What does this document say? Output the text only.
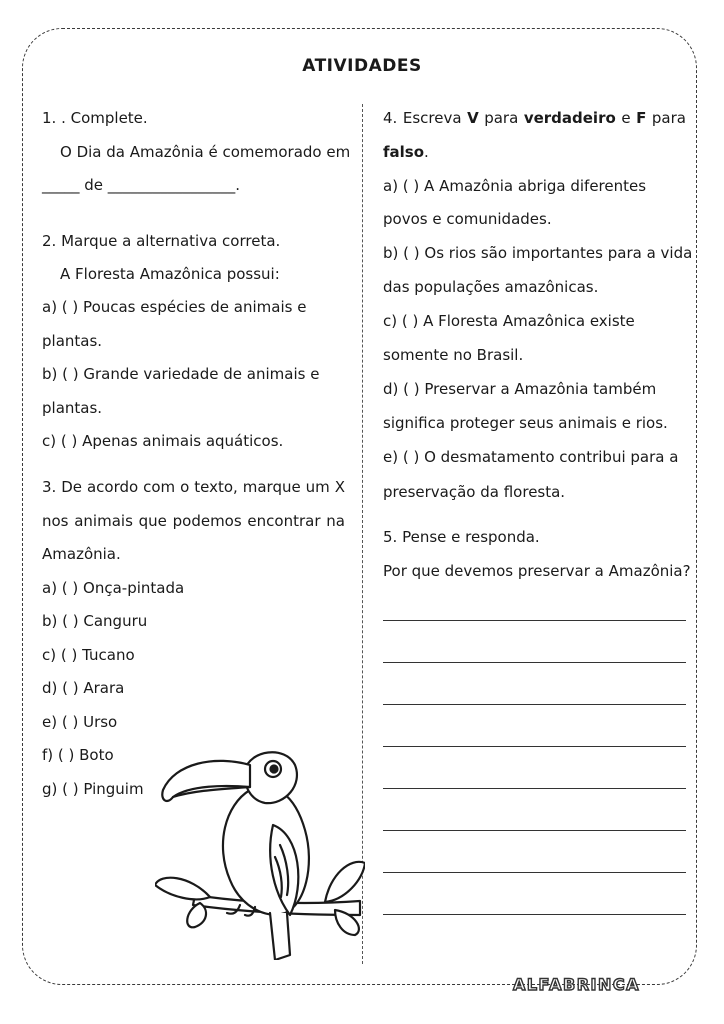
ATIVIDADES

1. . Complete.

O Dia da Amazônia é comemorado em

_____ de _________________.

2. Marque a alternativa correta.

A Floresta Amazônica possui:

a) ( ) Poucas espécies de animais e

plantas.

b) ( ) Grande variedade de animais e

plantas.

c) ( ) Apenas animais aquáticos.

3. De acordo com o texto, marque um X

nos animais que podemos encontrar na

Amazônia.

a) ( ) Onça-pintada

b) ( ) Canguru

c) ( ) Tucano

d) ( ) Arara

e) ( ) Urso

f) ( ) Boto

g) ( ) Pinguim

4. Escreva V para verdadeiro e F para

falso.

a) ( ) A Amazônia abriga diferentes

povos e comunidades.

b) ( ) Os rios são importantes para a vida

das populações amazônicas.

c) ( ) A Floresta Amazônica existe

somente no Brasil.

d) ( ) Preservar a Amazônia também

significa proteger seus animais e rios.

e) ( ) O desmatamento contribui para a

preservação da floresta.

5. Pense e responda.

Por que devemos preservar a Amazônia?

ALFABRINCA
